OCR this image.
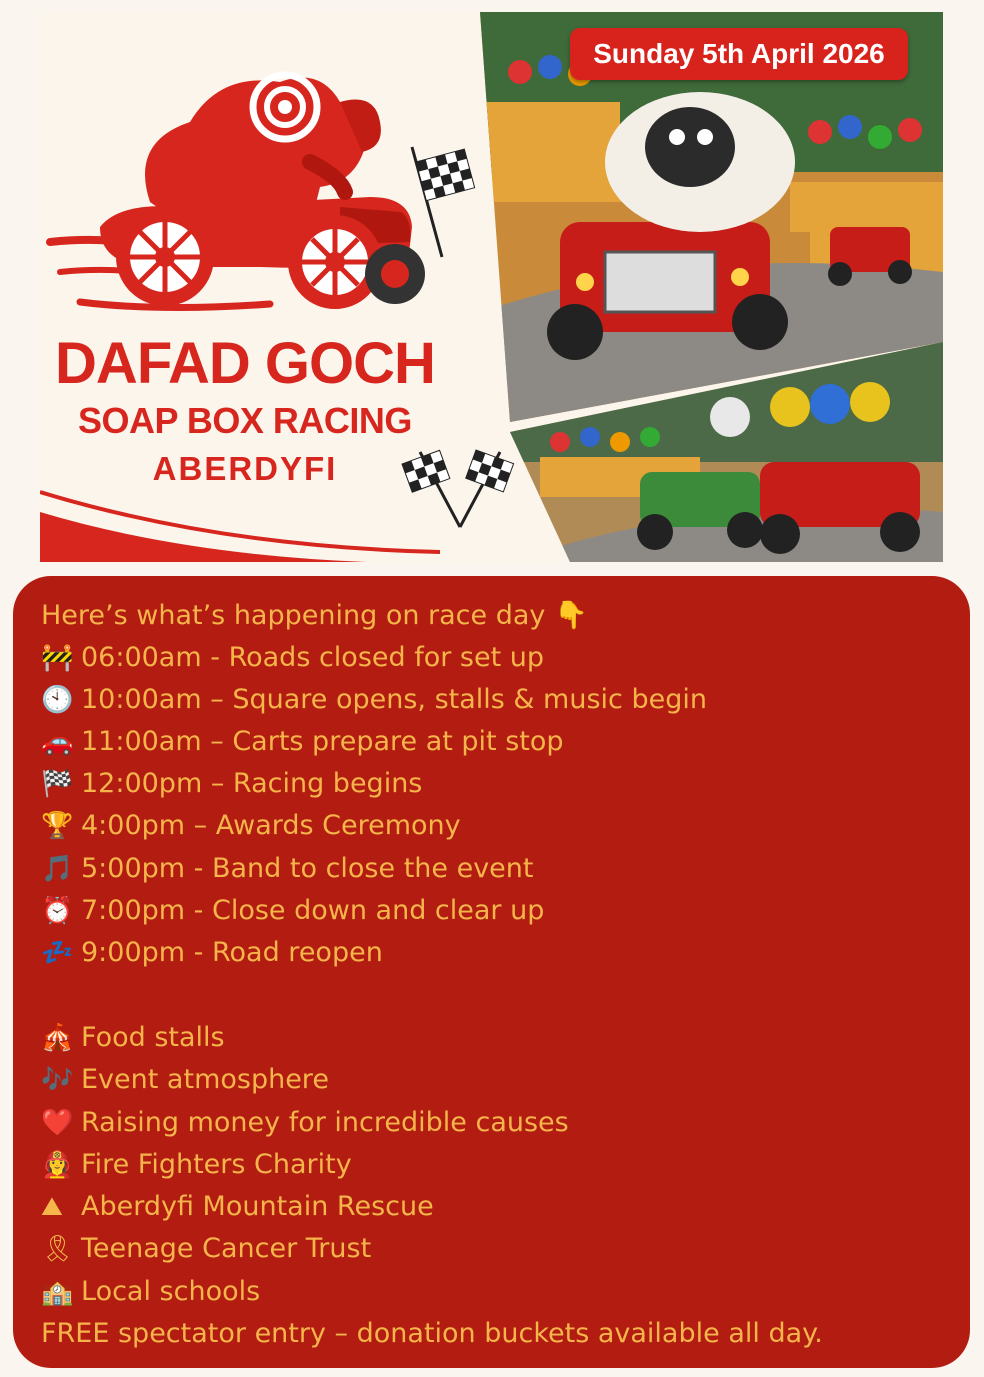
DAFAD GOCH
SOAP BOX RACING
ABERDYFI
Sunday 5th April 2026
Here’s what’s happening on race day 👇
🚧 06:00am - Roads closed for set up
🕙 10:00am – Square opens, stalls & music begin
🚗 11:00am – Carts prepare at pit stop
🏁 12:00pm – Racing begins
🏆 4:00pm – Awards Ceremony
🎵 5:00pm - Band to close the event
⏰ 7:00pm - Close down and clear up
💤 9:00pm - Road reopen
🎪 Food stalls
🎶 Event atmosphere
❤️ Raising money for incredible causes
👩‍🚒 Fire Fighters Charity
⛰ Aberdyfi Mountain Rescue
🎗 Teenage Cancer Trust
🏫 Local schools
FREE spectator entry – donation buckets available all day.
